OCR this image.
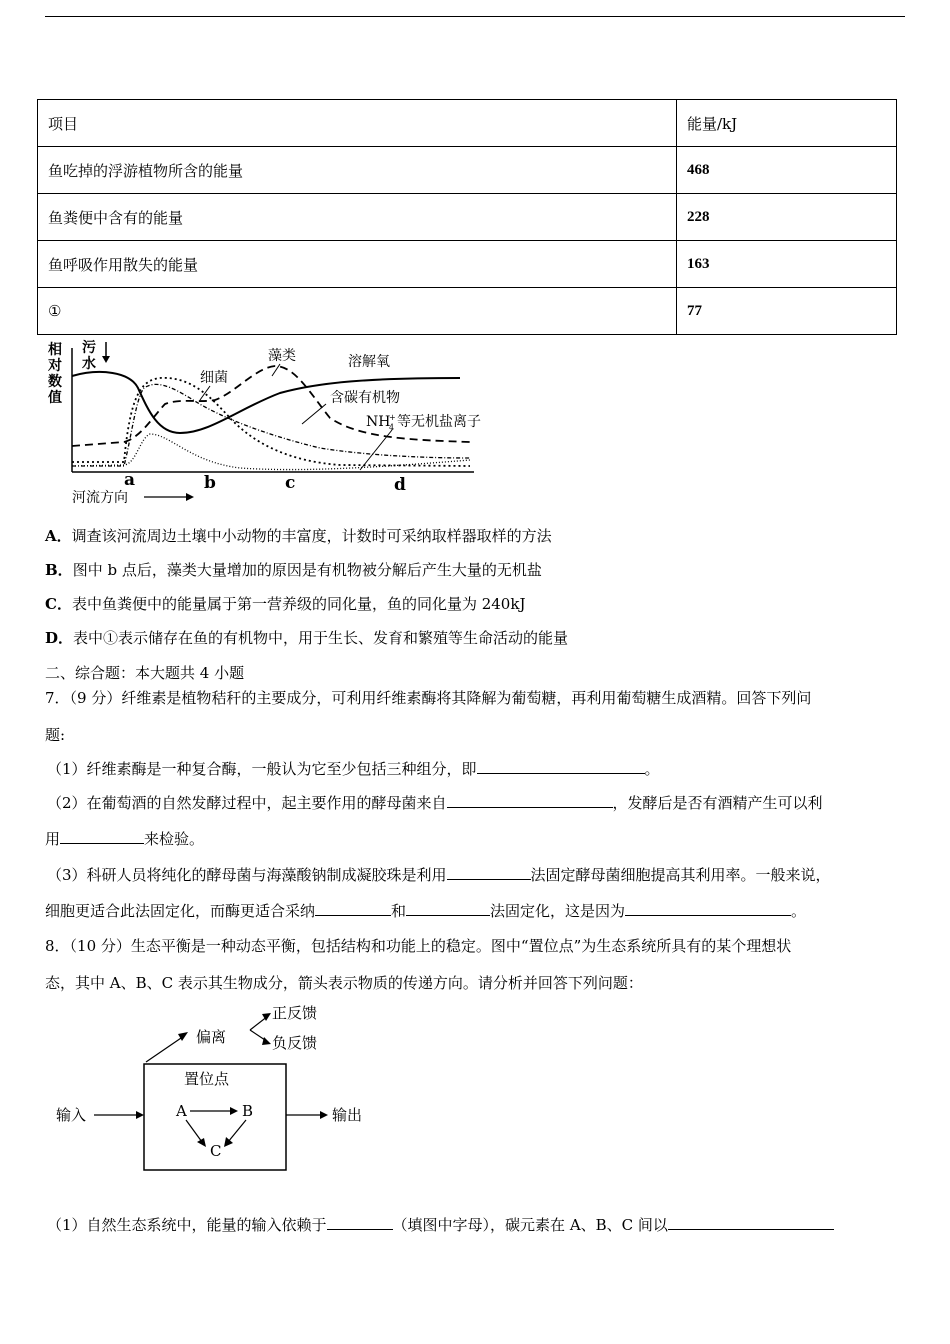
项目	能量/kJ
鱼吃掉的浮游植物所含的能量	468
鱼粪便中含有的能量	228
鱼呼吸作用散失的能量	163
①	77
相
对
数
值
污
水
细菌
藻类	溶解氧
含碳有机物
NH
4
+ 等无机盐离子
a	b	c	d
河流方向
A．调查该河流周边土壤中小动物的丰富度，计数时可采纳取样器取样的方法
B．图中 b 点后，藻类大量增加的原因是有机物被分解后产生大量的无机盐
C．表中鱼粪便中的能量属于第一营养级的同化量，鱼的同化量为 240kJ
D．表中①表示储存在鱼的有机物中，用于生长、发育和繁殖等生命活动的能量
二、综合题：本大题共 4 小题
7．（9 分）纤维素是植物秸秆的主要成分，可利用纤维素酶将其降解为葡萄糖，再利用葡萄糖生成酒精。回答下列问
题:
（1）纤维素酶是一种复合酶，一般认为它至少包括三种组分，即	。
（2）在葡萄酒的自然发酵过程中，起主要作用的酵母菌来自	，发酵后是否有酒精产生可以利
用	来检验。
（3）科研人员将纯化的酵母菌与海藻酸钠制成凝胶珠是利用	法固定酵母菌细胞提高其利用率。一般来说，
细胞更适合此法固定化，而酶更适合采纳	和	法固定化，这是因为	。
8．（10 分）生态平衡是一种动态平衡，包括结构和功能上的稳定。图中“置位点”为生态系统所具有的某个理想状
态，其中 A、B、C 表示其生物成分，箭头表示物质的传递方向。请分析并回答下列问题：
偏离
正反馈
负反馈
置位点
输入	输出
A	B
C
（1）自然生态系统中，能量的输入依赖于	（填图中字母），碳元素在 A、B、C 间以
